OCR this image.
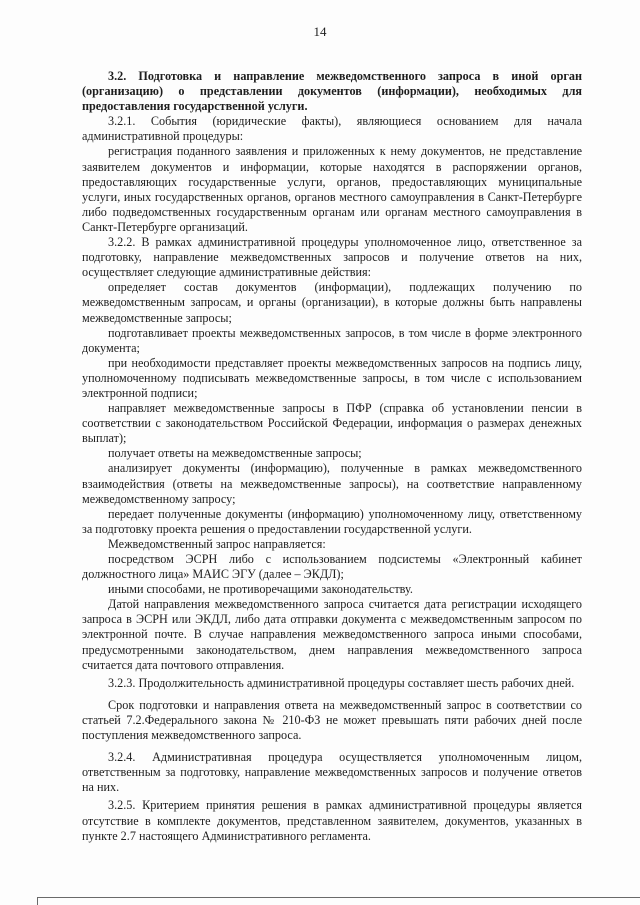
14

3.2. Подготовка и направление межведомственного запроса в иной орган (организацию) о представлении документов (информации), необходимых для предоставления государственной услуги.

3.2.1. События (юридические факты), являющиеся основанием для начала административной процедуры:

регистрация поданного заявления и приложенных к нему документов, не представление заявителем документов и информации, которые находятся в распоряжении органов, предоставляющих государственные услуги, органов, предоставляющих муниципальные услуги, иных государственных органов, органов местного самоуправления в Санкт-Петербурге либо подведомственных государственным органам или органам местного самоуправления в Санкт-Петербурге организаций.

3.2.2. В рамках административной процедуры уполномоченное лицо, ответственное за подготовку, направление межведомственных запросов и получение ответов на них, осуществляет следующие административные действия:

определяет состав документов (информации), подлежащих получению по межведомственным запросам, и органы (организации), в которые должны быть направлены межведомственные запросы;

подготавливает проекты межведомственных запросов, в том числе в форме электронного документа;

при необходимости представляет проекты межведомственных запросов на подпись лицу, уполномоченному подписывать межведомственные запросы, в том числе с использованием электронной подписи;

направляет межведомственные запросы в ПФР (справка об установлении пенсии в соответствии с законодательством Российской Федерации, информация о размерах денежных выплат);

получает ответы на межведомственные запросы;

анализирует документы (информацию), полученные в рамках межведомственного взаимодействия (ответы на межведомственные запросы), на соответствие направленному межведомственному запросу;

передает полученные документы (информацию) уполномоченному лицу, ответственному за подготовку проекта решения о предоставлении государственной услуги.

Межведомственный запрос направляется:

посредством ЭСРН либо с использованием подсистемы «Электронный кабинет должностного лица» МАИС ЭГУ (далее – ЭКДЛ);

иными способами, не противоречащими законодательству.

Датой направления межведомственного запроса считается дата регистрации исходящего запроса в ЭСРН или ЭКДЛ, либо дата отправки документа с межведомственным запросом по электронной почте. В случае направления межведомственного запроса иными способами, предусмотренными законодательством, днем направления межведомственного запроса считается дата почтового отправления.

3.2.3. Продолжительность административной процедуры составляет шесть рабочих дней.

Срок подготовки и направления ответа на межведомственный запрос в соответствии со статьей 7.2.Федерального закона № 210-ФЗ не может превышать пяти рабочих дней после поступления межведомственного запроса.

3.2.4. Административная процедура осуществляется уполномоченным лицом, ответственным за подготовку, направление межведомственных запросов и получение ответов на них.

3.2.5. Критерием принятия решения в рамках административной процедуры является отсутствие в комплекте документов, представленном заявителем, документов, указанных в пункте 2.7 настоящего Административного регламента.
